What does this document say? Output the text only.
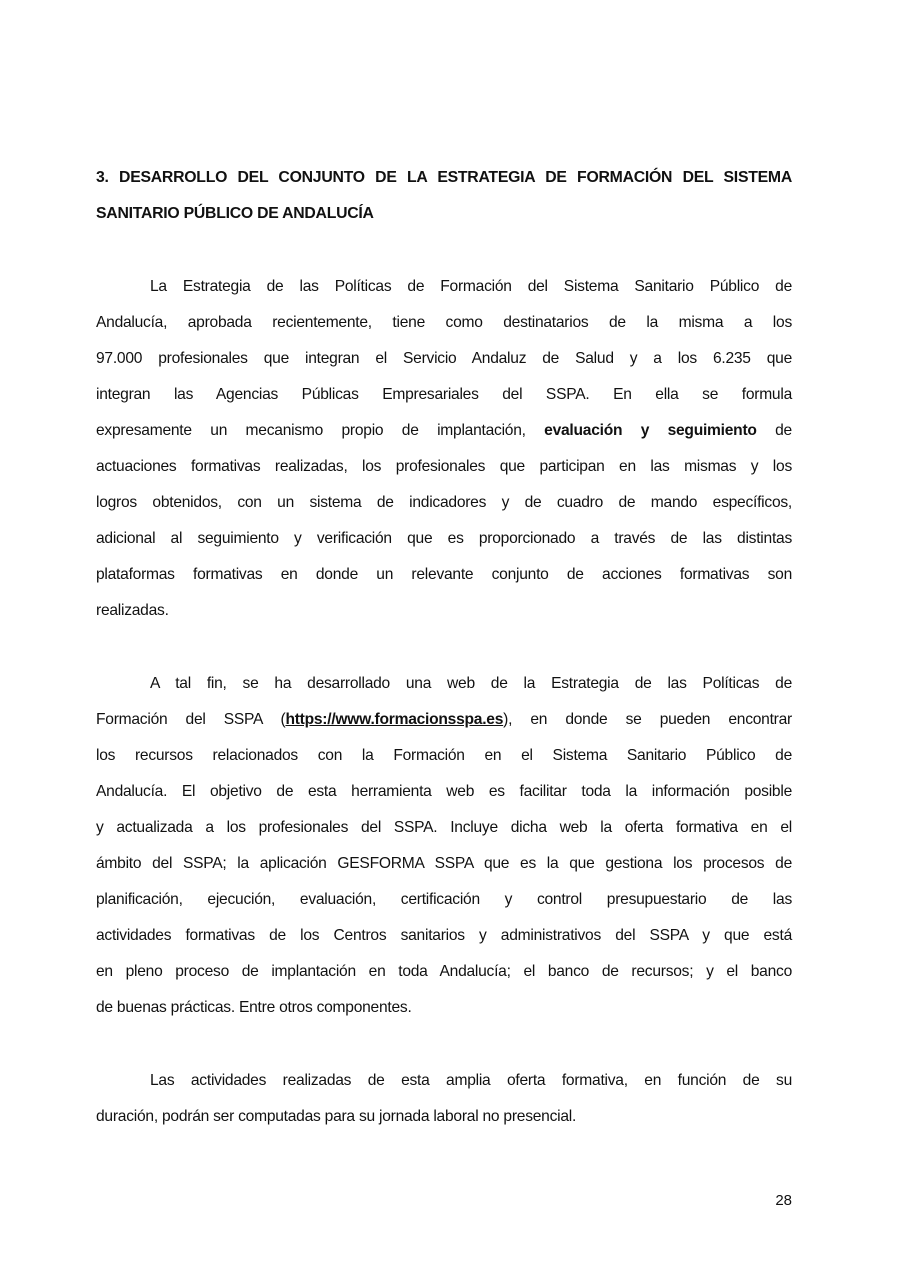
3. DESARROLLO DEL CONJUNTO DE LA ESTRATEGIA DE FORMACIÓN DEL SISTEMA
SANITARIO PÚBLICO DE ANDALUCÍA
La Estrategia de las Políticas de Formación del Sistema Sanitario Público de
Andalucía, aprobada recientemente, tiene como destinatarios de la misma a los
97.000 profesionales que integran el Servicio Andaluz de Salud y a los 6.235 que
integran las Agencias Públicas Empresariales del SSPA. En ella se formula
expresamente un mecanismo propio de implantación, evaluación y seguimiento de
actuaciones formativas realizadas, los profesionales que participan en las mismas y los
logros obtenidos, con un sistema de indicadores y de cuadro de mando específicos,
adicional al seguimiento y verificación que es proporcionado a través de las distintas
plataformas formativas en donde un relevante conjunto de acciones formativas son
realizadas.
A tal fin, se ha desarrollado una web de la Estrategia de las Políticas de
Formación del SSPA (https://www.formacionsspa.es), en donde se pueden encontrar
los recursos relacionados con la Formación en el Sistema Sanitario Público de
Andalucía. El objetivo de esta herramienta web es facilitar toda la información posible
y actualizada a los profesionales del SSPA. Incluye dicha web la oferta formativa en el
ámbito del SSPA; la aplicación GESFORMA SSPA que es la que gestiona los procesos de
planificación, ejecución, evaluación, certificación y control presupuestario de las
actividades formativas de los Centros sanitarios y administrativos del SSPA y que está
en pleno proceso de implantación en toda Andalucía; el banco de recursos; y el banco
de buenas prácticas. Entre otros componentes.
Las actividades realizadas de esta amplia oferta formativa, en función de su
duración, podrán ser computadas para su jornada laboral no presencial.
28
